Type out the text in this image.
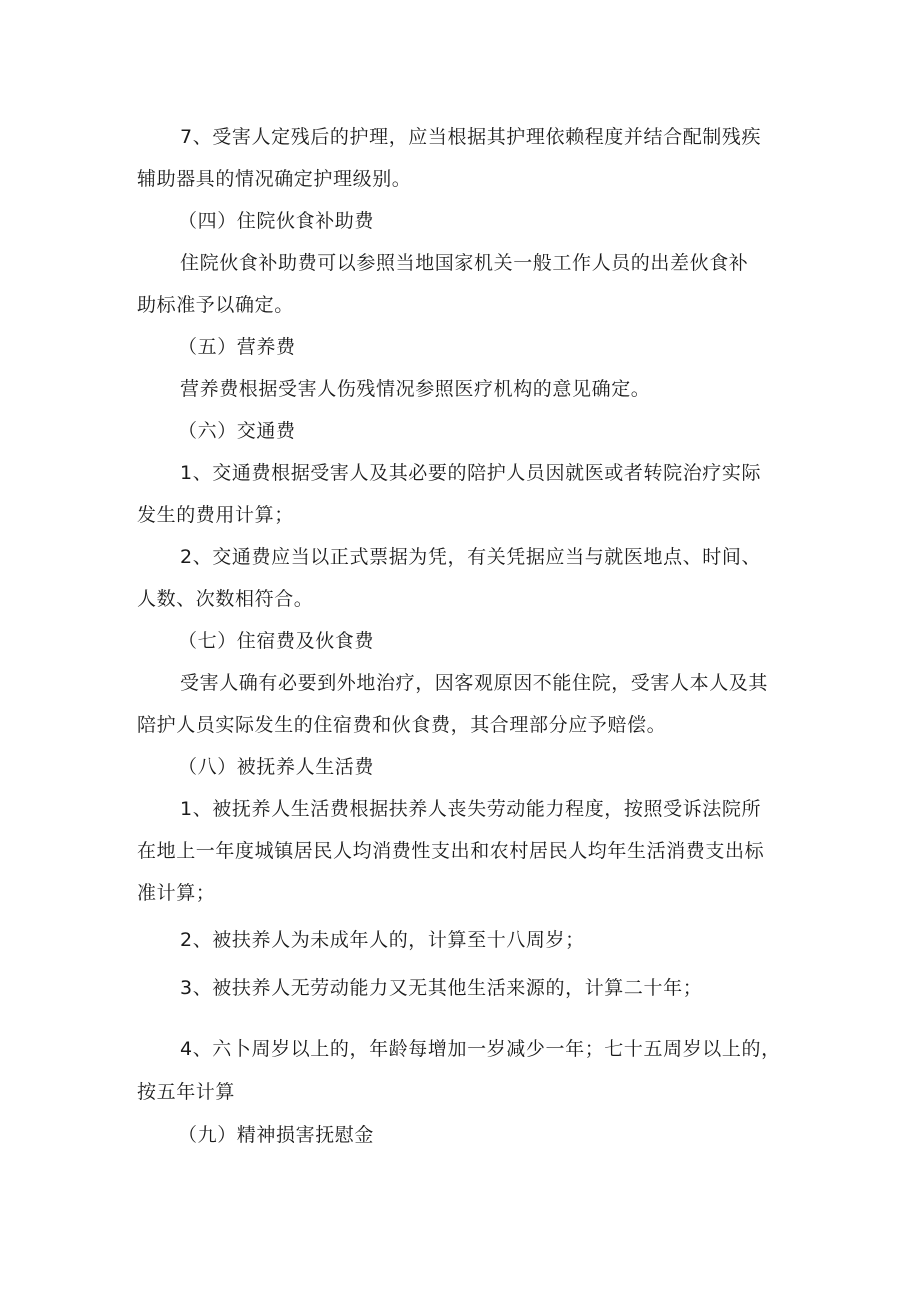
7、受害人定残后的护理，应当根据其护理依赖程度并结合配制残疾
辅助器具的情况确定护理级别。
（四）住院伙食补助费
住院伙食补助费可以参照当地国家机关一般工作人员的出差伙食补
助标准予以确定。
（五）营养费
营养费根据受害人伤残情况参照医疗机构的意见确定。
（六）交通费
1、交通费根据受害人及其必要的陪护人员因就医或者转院治疗实际
发生的费用计算；
2、交通费应当以正式票据为凭，有关凭据应当与就医地点、时间、
人数、次数相符合。
（七）住宿费及伙食费
受害人确有必要到外地治疗，因客观原因不能住院，受害人本人及其
陪护人员实际发生的住宿费和伙食费，其合理部分应予赔偿。
（八）被抚养人生活费
1、被抚养人生活费根据扶养人丧失劳动能力程度，按照受诉法院所
在地上一年度城镇居民人均消费性支出和农村居民人均年生活消费支出标
准计算；
2、被扶养人为未成年人的，计算至十八周岁；
3、被扶养人无劳动能力又无其他生活来源的，计算二十年；
4、六卜周岁以上的，年龄每增加一岁减少一年；七十五周岁以上的，
按五年计算
（九）精神损害抚慰金
